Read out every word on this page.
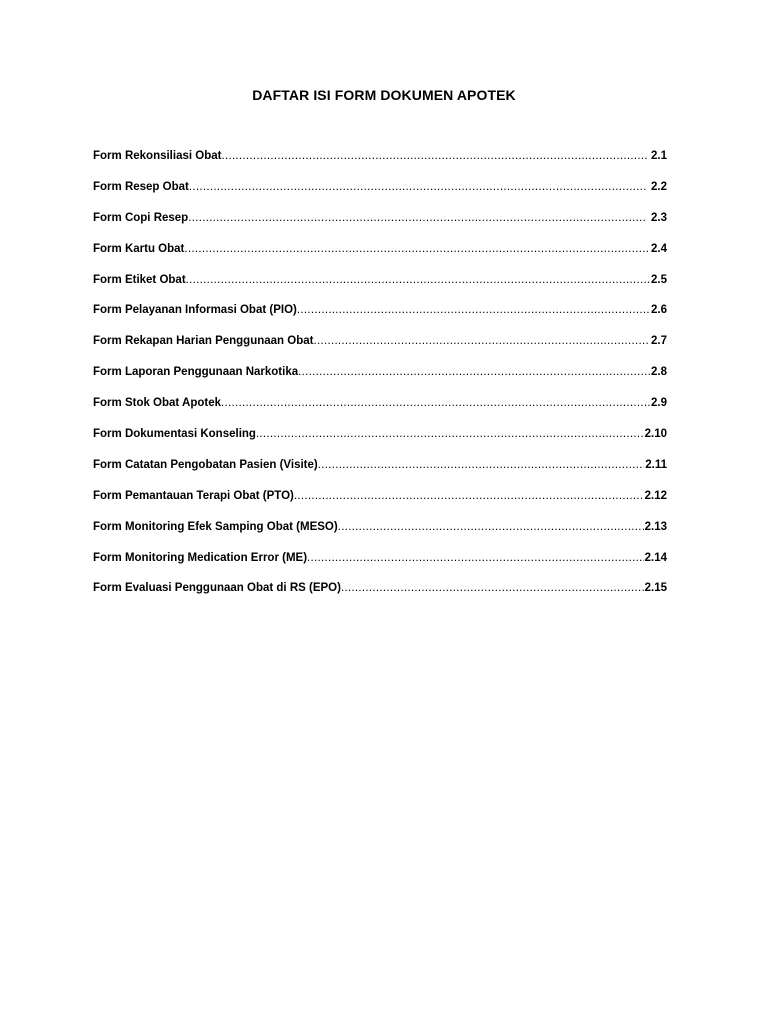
DAFTAR ISI FORM DOKUMEN APOTEK
Form Rekonsiliasi Obat .....	2.1
Form Resep Obat .....	2.2
Form Copi Resep .....	2.3
Form Kartu Obat .....	2.4
Form Etiket Obat .....	2.5
Form Pelayanan Informasi Obat (PIO) .....	2.6
Form Rekapan Harian Penggunaan Obat .....	2.7
Form Laporan Penggunaan Narkotika .....	2.8
Form Stok Obat Apotek .....	2.9
Form Dokumentasi Konseling .....	2.10
Form Catatan Pengobatan Pasien (Visite) .....	2.11
Form Pemantauan Terapi Obat (PTO) .....	2.12
Form Monitoring Efek Samping Obat (MESO) .....	2.13
Form Monitoring Medication Error (ME) .....	2.14
Form Evaluasi Penggunaan Obat di RS (EPO) .....	2.15
